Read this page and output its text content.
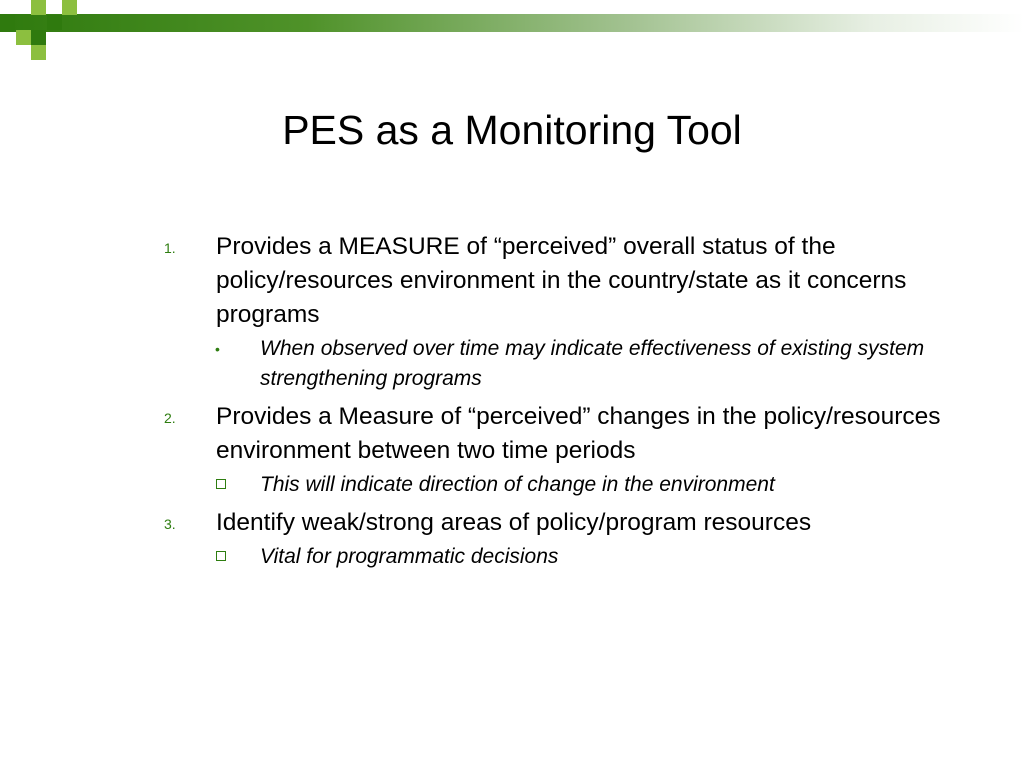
PES as a Monitoring Tool
1. Provides a MEASURE of “perceived” overall status of the policy/resources environment in the country/state as it concerns programs
• When observed over time may indicate effectiveness of existing system strengthening programs
2. Provides a Measure of “perceived” changes in the policy/resources environment between two time periods
This will indicate direction of change in the environment
3. Identify weak/strong areas of policy/program resources
Vital for programmatic decisions
